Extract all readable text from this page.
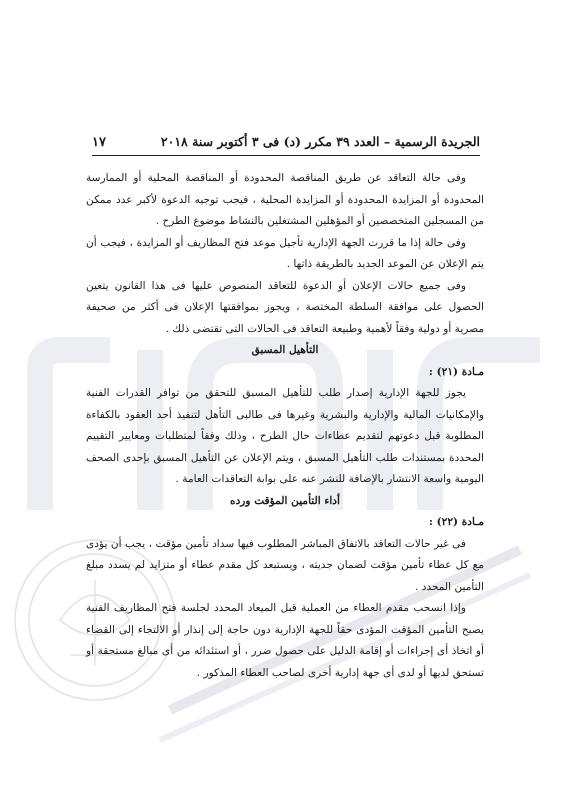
الجريدة الرسمية – العدد ٣٩ مكرر (د) فى ٣ أكتوبر سنة ٢٠١٨
١٧

وفى حالة التعاقد عن طريق المناقصة المحدودة أو المناقصة المحلية أو الممارسة المحدودة أو المزايدة المحدودة أو المزايدة المحلية ، فيجب توجيه الدعوة لأكبر عدد ممكن من المسجلين المتخصصين أو المؤهلين المشتغلين بالنشاط موضوع الطرح .

وفى حالة إذا ما قررت الجهة الإدارية تأجيل موعد فتح المظاريف أو المزايدة ، فيجب أن يتم الإعلان عن الموعد الجديد بالطريقة ذاتها .

وفى جميع حالات الإعلان أو الدعوة للتعاقد المنصوص عليها فى هذا القانون يتعين الحصول على موافقة السلطة المختصة ، ويجوز بموافقتها الإعلان فى أكثر من صحيفة مصرية أو دولية وفقاً لأهمية وطبيعة التعاقد فى الحالات التى تقتضى ذلك .

التأهيل المسبق

مـادة (٢١) :

يجوز للجهة الإدارية إصدار طلب للتأهيل المسبق للتحقق من توافر القدرات الفنية والإمكانيات المالية والإدارية والبشرية وغيرها فى طالبى التأهل لتنفيذ أحد العقود بالكفاءة المطلوبة قبل دعوتهم لتقديم عطاءات حال الطرح ، وذلك وفقاً لمتطلبات ومعايير التقييم المحددة بمستندات طلب التأهيل المسبق ، ويتم الإعلان عن التأهيل المسبق بإحدى الصحف اليومية واسعة الانتشار بالإضافة للنشر عنه على بوابة التعاقدات العامة .

أداء التأمين المؤقت ورده

مـادة (٢٢) :

فى غير حالات التعاقد بالاتفاق المباشر المطلوب فيها سداد تأمين مؤقت ، يجب أن يؤدى مع كل عطاء تأمين مؤقت لضمان جديته ، ويستبعد كل مقدم عطاء أو متزايد لم يسدد مبلغ التأمين المحدد .

وإذا انسحب مقدم العطاء من العملية قبل الميعاد المحدد لجلسة فتح المظاريف الفنية يصبح التأمين المؤقت المؤدى حقاً للجهة الإدارية دون حاجة إلى إنذار أو الالتجاء إلى القضاء أو اتخاذ أى إجراءات أو إقامة الدليل على حصول ضرر ، أو استئدائه من أى مبالغ مستحقة أو تستحق لديها أو لدى أى جهة إدارية أخرى لصاحب العطاء المذكور .
